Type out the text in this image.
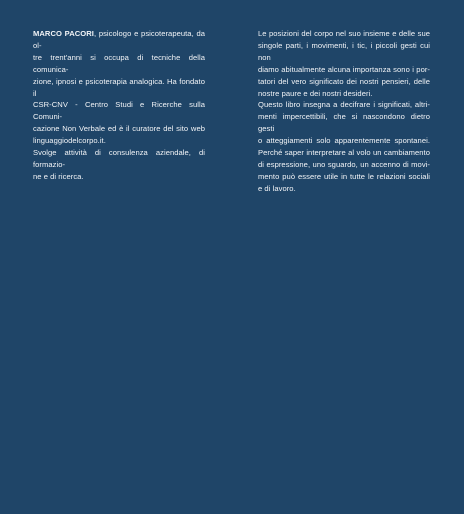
MARCO PACORI, psicologo e psicoterapeuta, da ol-
tre trent'anni si occupa di tecniche della comunica-
zione, ipnosi e psicoterapia analogica. Ha fondato il
CSR-CNV - Centro Studi e Ricerche sulla Comuni-
cazione Non Verbale ed è il curatore del sito web
linguaggiodelcorpo.it.
Svolge attività di consulenza aziendale, di formazio-
ne e di ricerca.
Le posizioni del corpo nel suo insieme e delle sue
singole parti, i movimenti, i tic, i piccoli gesti cui non
diamo abitualmente alcuna importanza sono i por-
tatori del vero significato dei nostri pensieri, delle
nostre paure e dei nostri desideri.
Questo libro insegna a decifrare i significati, altri-
menti impercettibili, che si nascondono dietro gesti
o atteggiamenti solo apparentemente spontanei.
Perché saper interpretare al volo un cambiamento
di espressione, uno sguardo, un accenno di movi-
mento può essere utile in tutte le relazioni sociali
e di lavoro.
